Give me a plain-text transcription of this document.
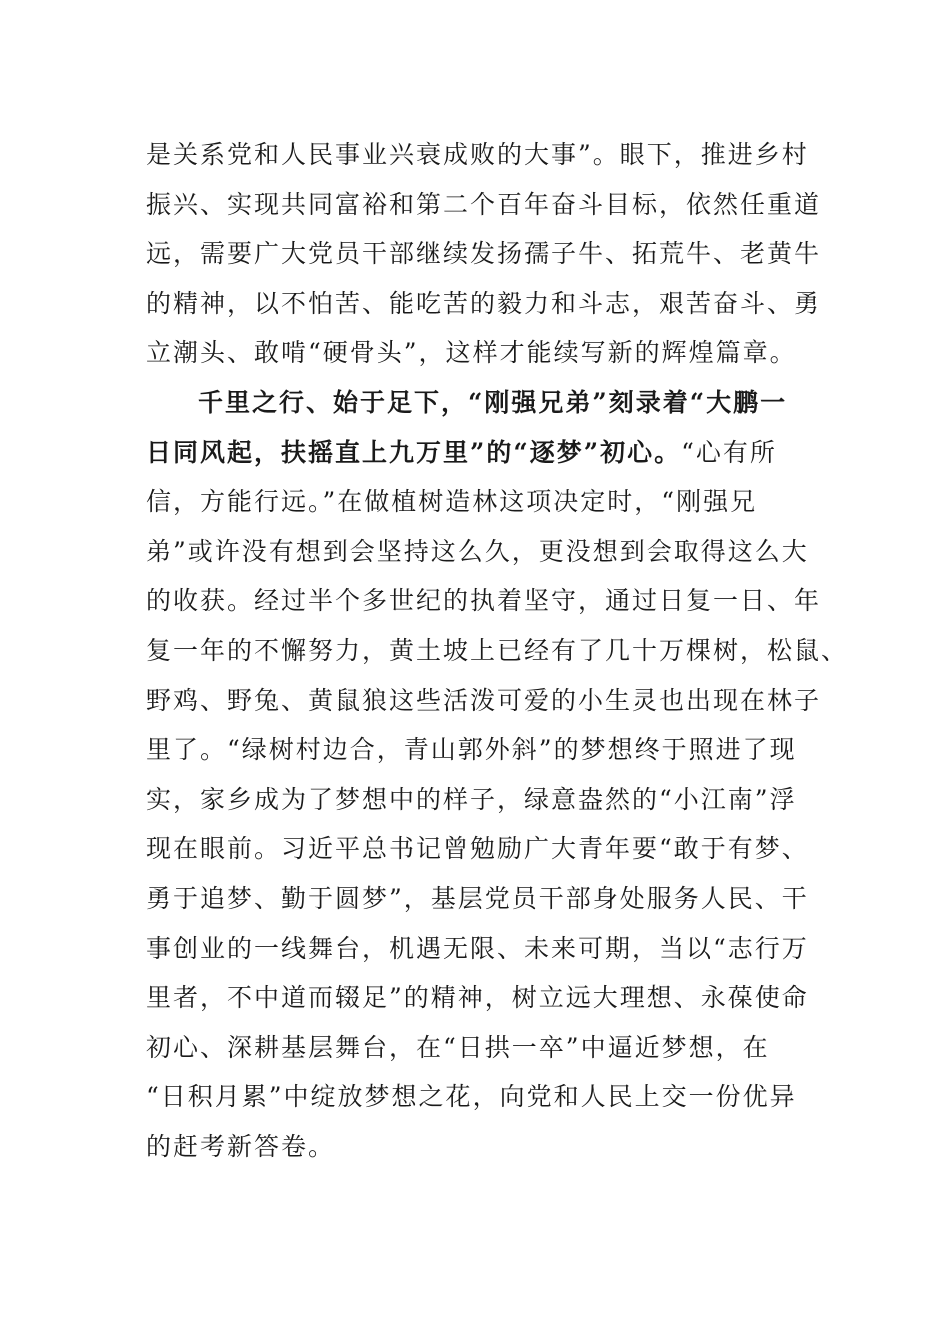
是关系党和人民事业兴衰成败的大事”。眼下，推进乡村
振兴、实现共同富裕和第二个百年奋斗目标，依然任重道
远，需要广大党员干部继续发扬孺子牛、拓荒牛、老黄牛
的精神，以不怕苦、能吃苦的毅力和斗志，艰苦奋斗、勇
立潮头、敢啃“硬骨头”，这样才能续写新的辉煌篇章。
千里之行、始于足下，“刚强兄弟”刻录着“大鹏一
日同风起，扶摇直上九万里”的“逐梦”初心。“心有所
信，方能行远。”在做植树造林这项决定时，“刚强兄
弟”或许没有想到会坚持这么久，更没想到会取得这么大
的收获。经过半个多世纪的执着坚守，通过日复一日、年
复一年的不懈努力，黄土坡上已经有了几十万棵树，松鼠、
野鸡、野兔、黄鼠狼这些活泼可爱的小生灵也出现在林子
里了。“绿树村边合，青山郭外斜”的梦想终于照进了现
实，家乡成为了梦想中的样子，绿意盎然的“小江南”浮
现在眼前。习近平总书记曾勉励广大青年要“敢于有梦、
勇于追梦、勤于圆梦”，基层党员干部身处服务人民、干
事创业的一线舞台，机遇无限、未来可期，当以“志行万
里者，不中道而辍足”的精神，树立远大理想、永葆使命
初心、深耕基层舞台，在“日拱一卒”中逼近梦想，在
“日积月累”中绽放梦想之花，向党和人民上交一份优异
的赶考新答卷。
